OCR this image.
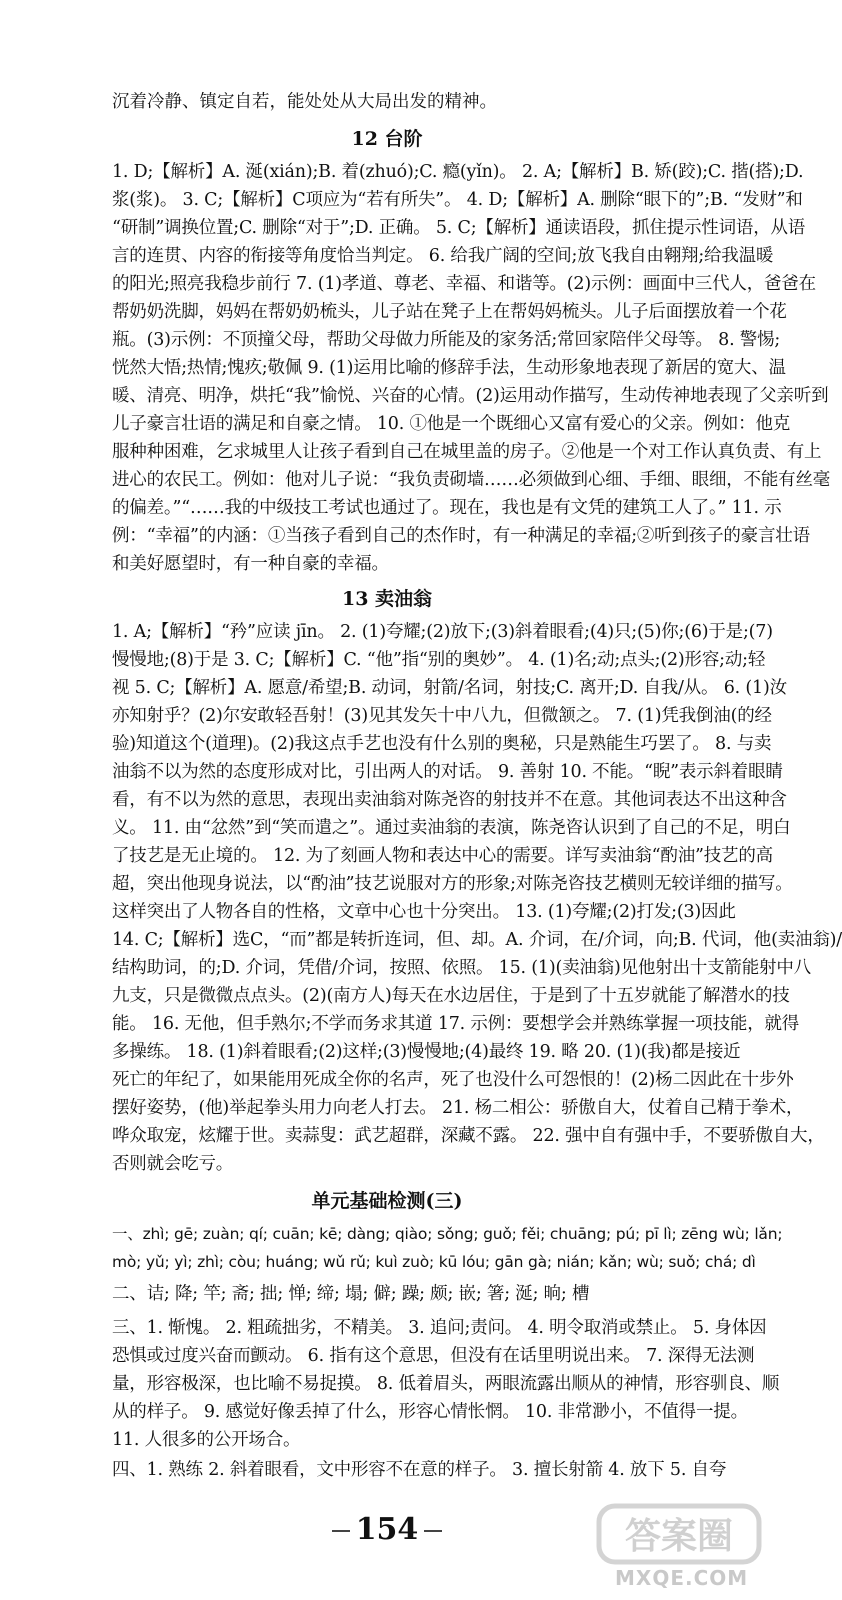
沉着冷静、镇定自若，能处处从大局出发的精神。
12 台阶
1. D;【解析】A. 涎(xián);B. 着(zhuó);C. 瘾(yǐn)。 2. A;【解析】B. 矫(跤);C. 揩(搭);D.
浆(浆)。 3. C;【解析】C项应为“若有所失”。 4. D;【解析】A. 删除“眼下的”;B. “发财”和
“研制”调换位置;C. 删除“对于”;D. 正确。 5. C;【解析】通读语段，抓住提示性词语，从语
言的连贯、内容的衔接等角度恰当判定。 6. 给我广阔的空间;放飞我自由翱翔;给我温暖
的阳光;照亮我稳步前行 7. (1)孝道、尊老、幸福、和谐等。(2)示例：画面中三代人，爸爸在
帮奶奶洗脚，妈妈在帮奶奶梳头，儿子站在凳子上在帮妈妈梳头。儿子后面摆放着一个花
瓶。(3)示例：不顶撞父母，帮助父母做力所能及的家务活;常回家陪伴父母等。 8. 警惕;
恍然大悟;热情;愧疚;敬佩 9. (1)运用比喻的修辞手法，生动形象地表现了新居的宽大、温
暖、清亮、明净，烘托“我”愉悦、兴奋的心情。(2)运用动作描写，生动传神地表现了父亲听到
儿子豪言壮语的满足和自豪之情。 10. ①他是一个既细心又富有爱心的父亲。例如：他克
服种种困难，乞求城里人让孩子看到自己在城里盖的房子。②他是一个对工作认真负责、有上
进心的农民工。例如：他对儿子说：“我负责砌墙……必须做到心细、手细、眼细，不能有丝毫
的偏差。”“……我的中级技工考试也通过了。现在，我也是有文凭的建筑工人了。” 11. 示
例：“幸福”的内涵：①当孩子看到自己的杰作时，有一种满足的幸福;②听到孩子的豪言壮语
和美好愿望时，有一种自豪的幸福。
13 卖油翁
1. A;【解析】“矜”应读 jīn。 2. (1)夸耀;(2)放下;(3)斜着眼看;(4)只;(5)你;(6)于是;(7)
慢慢地;(8)于是 3. C;【解析】C. “他”指“别的奥妙”。 4. (1)名;动;点头;(2)形容;动;轻
视 5. C;【解析】A. 愿意/希望;B. 动词，射箭/名词，射技;C. 离开;D. 自我/从。 6. (1)汝
亦知射乎？(2)尔安敢轻吾射！(3)见其发矢十中八九，但微颔之。 7. (1)凭我倒油(的经
验)知道这个(道理)。(2)我这点手艺也没有什么别的奥秘，只是熟能生巧罢了。 8. 与卖
油翁不以为然的态度形成对比，引出两人的对话。 9. 善射 10. 不能。“睨”表示斜着眼睛
看，有不以为然的意思，表现出卖油翁对陈尧咨的射技并不在意。其他词表达不出这种含
义。 11. 由“忿然”到“笑而遣之”。通过卖油翁的表演，陈尧咨认识到了自己的不足，明白
了技艺是无止境的。 12. 为了刻画人物和表达中心的需要。详写卖油翁“酌油”技艺的高
超，突出他现身说法，以“酌油”技艺说服对方的形象;对陈尧咨技艺横则无较详细的描写。
这样突出了人物各自的性格，文章中心也十分突出。 13. (1)夸耀;(2)打发;(3)因此
14. C;【解析】选C，“而”都是转折连词，但、却。A. 介词，在/介词，向;B. 代词，他(卖油翁)/
结构助词，的;D. 介词，凭借/介词，按照、依照。 15. (1)(卖油翁)见他射出十支箭能射中八
九支，只是微微点点头。(2)(南方人)每天在水边居住，于是到了十五岁就能了解潜水的技
能。 16. 无他，但手熟尔;不学而务求其道 17. 示例：要想学会并熟练掌握一项技能，就得
多操练。 18. (1)斜着眼看;(2)这样;(3)慢慢地;(4)最终 19. 略 20. (1)(我)都是接近
死亡的年纪了，如果能用死成全你的名声，死了也没什么可怨恨的！(2)杨二因此在十步外
摆好姿势，(他)举起拳头用力向老人打去。 21. 杨二相公：骄傲自大，仗着自己精于拳术，
哗众取宠，炫耀于世。卖蒜叟：武艺超群，深藏不露。 22. 强中自有强中手，不要骄傲自大，
否则就会吃亏。
单元基础检测(三)
一、zhì; gē; zuàn; qí; cuān; kē; dàng; qiào; sǒng; guǒ; fěi; chuāng; pú; pī lì; zēng wù; lǎn;
mò; yǔ; yì; zhì; còu; huáng; wǔ rǔ; kuì zuò; kū lóu; gān gà; nián; kǎn; wù; suǒ; chá; dì
二、诘; 降; 竿; 斋; 拙; 惮; 缔; 塌; 僻; 躁; 颇; 嵌; 箸; 涎; 晌; 槽
三、1. 惭愧。 2. 粗疏拙劣，不精美。 3. 追问;责问。 4. 明令取消或禁止。 5. 身体因
恐惧或过度兴奋而颤动。 6. 指有这个意思，但没有在话里明说出来。 7. 深得无法测
量，形容极深，也比喻不易捉摸。 8. 低着眉头，两眼流露出顺从的神情，形容驯良、顺
从的样子。 9. 感觉好像丢掉了什么，形容心情怅惘。 10. 非常渺小，不值得一提。
11. 人很多的公开场合。
四、1. 熟练 2. 斜着眼看，文中形容不在意的样子。 3. 擅长射箭 4. 放下 5. 自夸
154	答案圈
MXQE.COM
